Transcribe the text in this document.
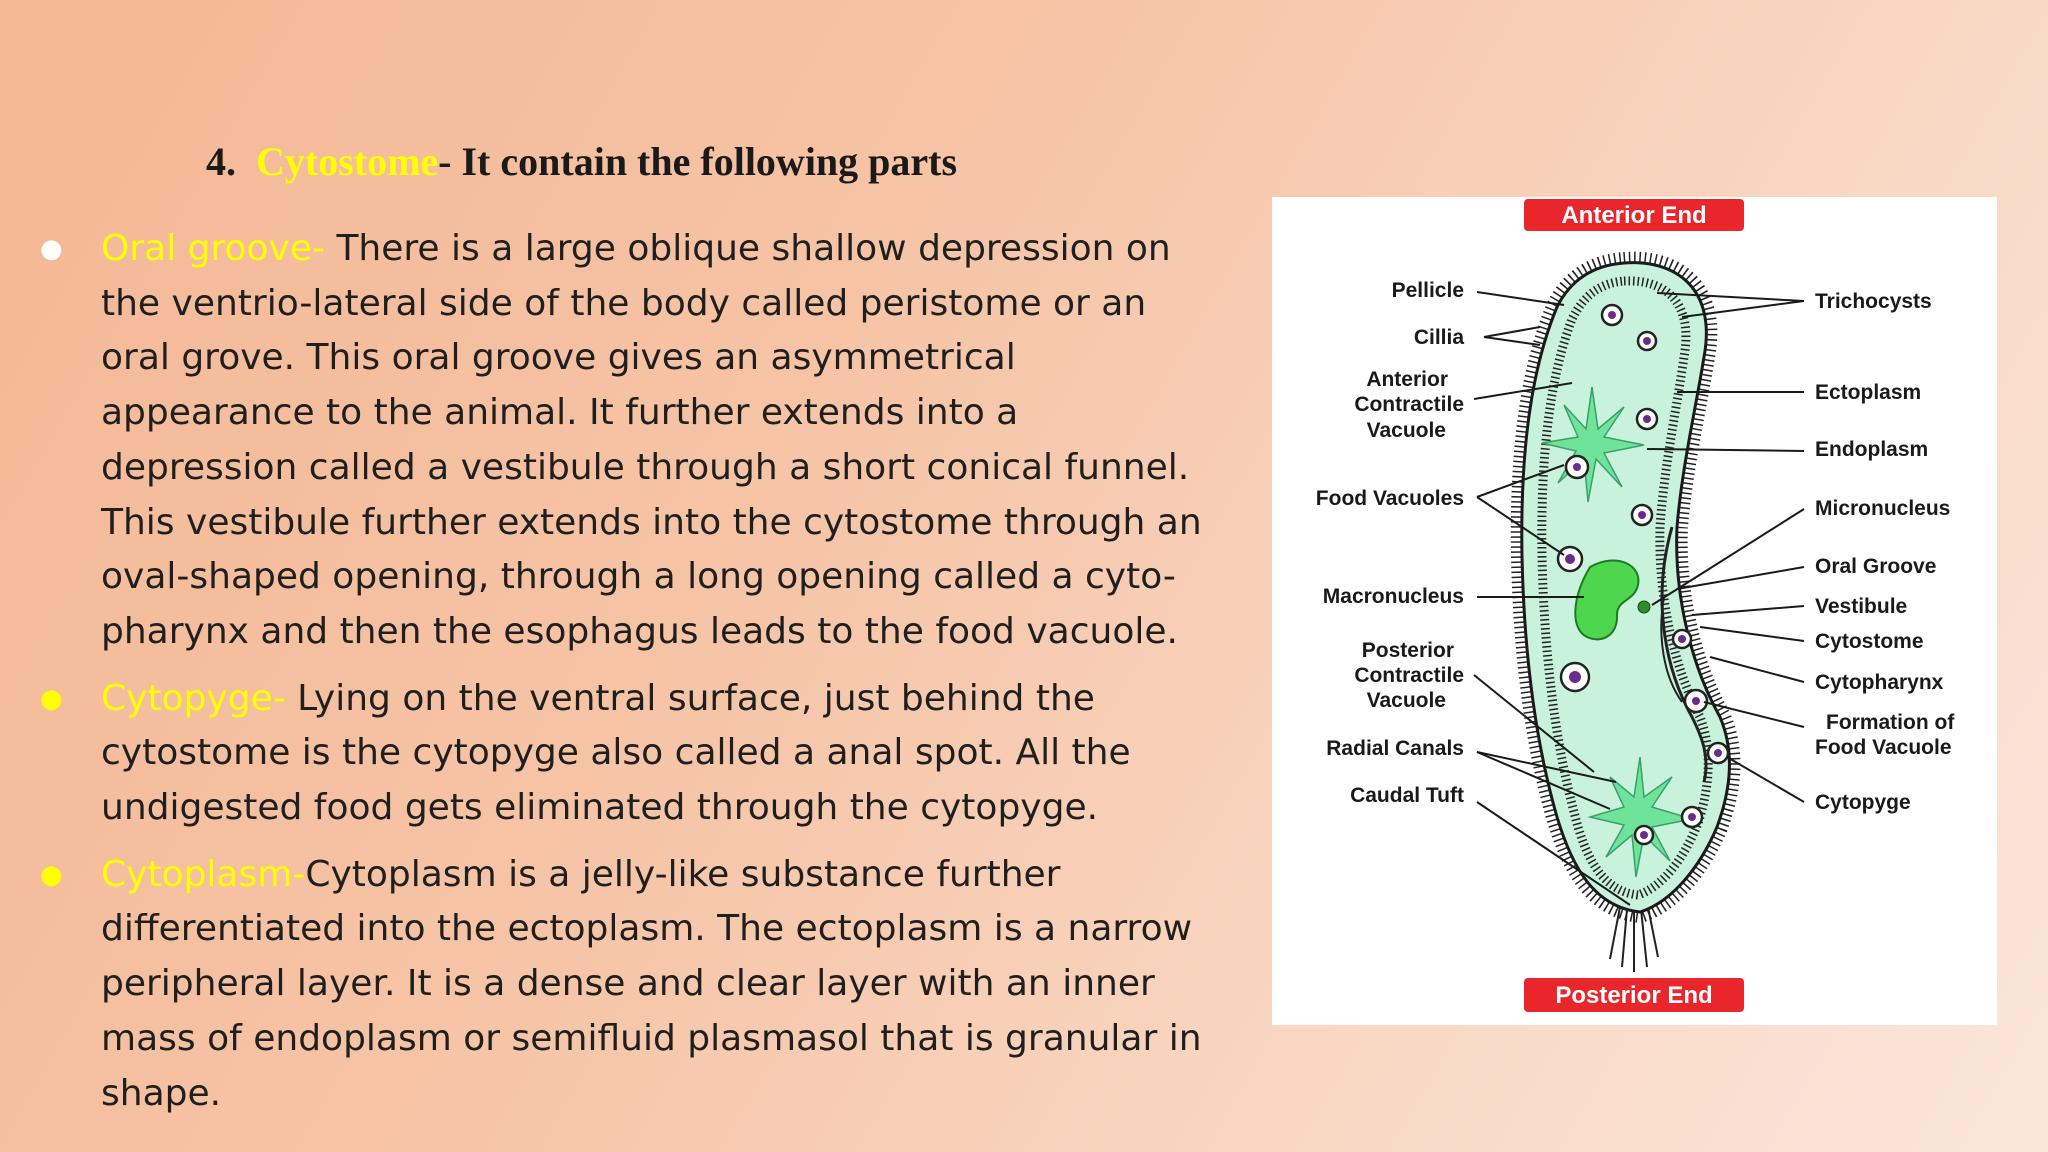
4. Cytostome- It contain the following parts
● Oral groove- There is a large oblique shallow depression on the ventrio-lateral side of the body called peristome or an oral grove. This oral groove gives an asymmetrical appearance to the animal. It further extends into a depression called a vestibule through a short conical funnel. This vestibule further extends into the cytostome through an oval-shaped opening, through a long opening called a cyto-pharynx and then the esophagus leads to the food vacuole.
● Cytopyge- Lying on the ventral surface, just behind the cytostome is the cytopyge also called a anal spot. All the undigested food gets eliminated through the cytopyge.
● Cytoplasm-Cytoplasm is a jelly-like substance further differentiated into the ectoplasm. The ectoplasm is a narrow peripheral layer. It is a dense and clear layer with an inner mass of endoplasm or semifluid plasmasol that is granular in shape.
Anterior End
Posterior End
Pellicle
Cillia
Anterior
Contractile
Vacuole
Food Vacuoles
Macronucleus
Posterior
Contractile
Vacuole
Radial Canals
Caudal Tuft
Trichocysts
Ectoplasm
Endoplasm
Micronucleus
Oral Groove
Vestibule
Cytostome
Cytopharynx
Formation of
Food Vacuole
Cytopyge
